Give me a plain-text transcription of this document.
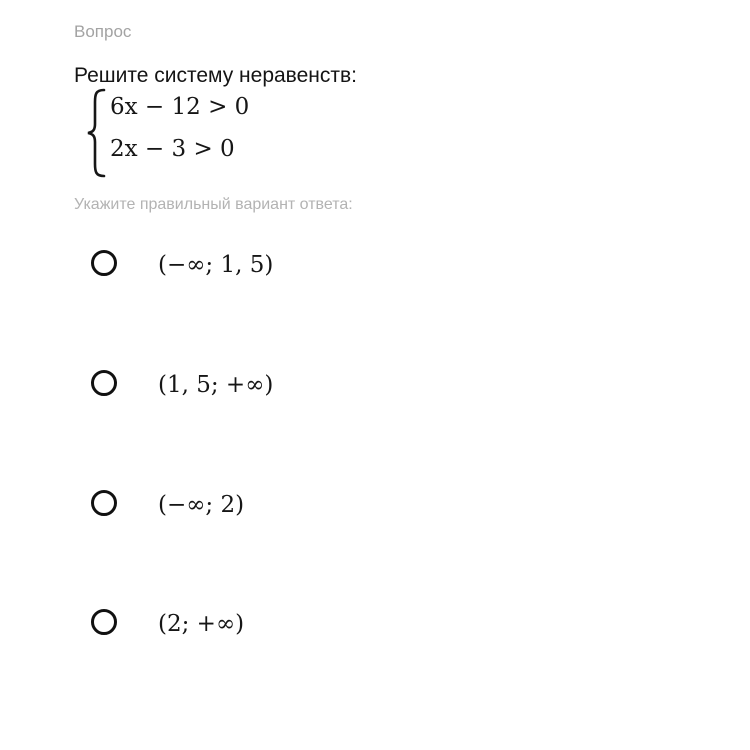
Вопрос
Решите систему неравенств:
6x − 12 > 0
2x − 3 > 0
Укажите правильный вариант ответа:
(−∞; 1, 5)
(1, 5; +∞)
(−∞; 2)
(2; +∞)
